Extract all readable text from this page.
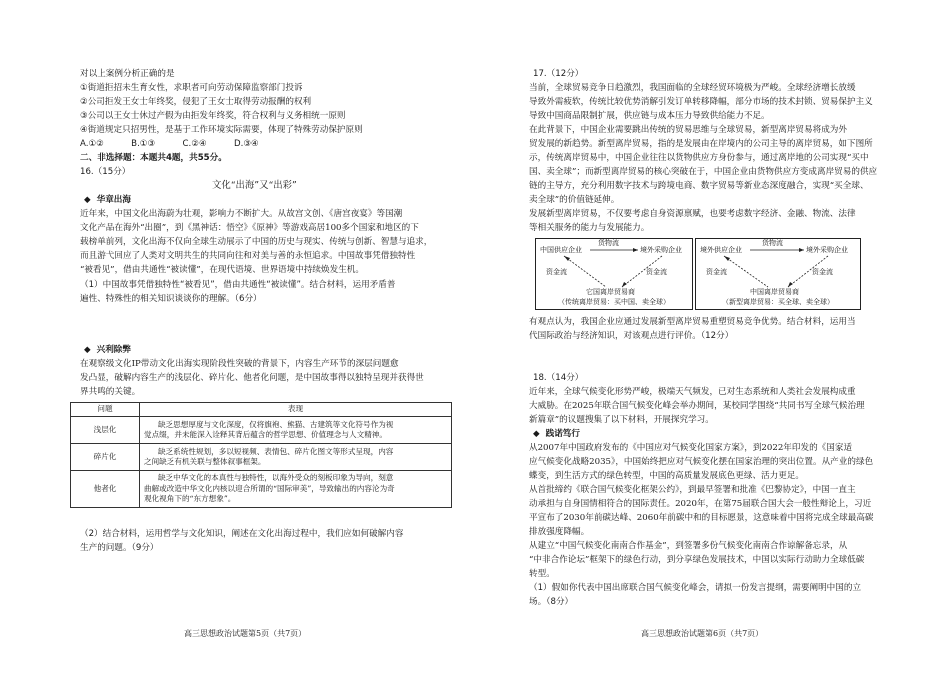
对以上案例分析正确的是
①街道拒招未生育女性，求职者可向劳动保障监察部门投诉
②公司拒发王女士年终奖，侵犯了王女士取得劳动报酬的权利
③公司以王女士休过产假为由拒发年终奖，符合权利与义务相统一原则
④街道规定只招男性，是基于工作环境实际需要，体现了特殊劳动保护原则
A.①②          B.①③          C.②④          D.③④
二、非选择题：本题共4题，共55分。
16.（15分）
文化“出海”又“出彩”
◆ 华章出海
近年来，中国文化出海蔚为壮观，影响力不断扩大。从故宫文创、《唐宫夜宴》等国潮
文化产品在海外“出圈”，到《黑神话：悟空》《原神》等游戏高居100多个国家和地区的下
载榜单前列，文化出海不仅向全球生动展示了中国的历史与现实、传统与创新、智慧与追求，
而且游弋回应了人类对文明共生的共同向往和对美与善的永恒追求。中国故事凭借独特性
“被看见”，借由共通性“被读懂”，在现代语境、世界语境中持续焕发生机。
（1）中国故事凭借独特性“被看见”，借由共通性“被读懂”。结合材料，运用矛盾普
遍性、特殊性的相关知识谈谈你的理解。（6分）
◆ 兴利除弊
在观察级文化IP带动文化出海实现阶段性突破的背景下，内容生产环节的深层问题愈
发凸显，破解内容生产的浅层化、碎片化、他者化问题，是中国故事得以独特呈现并获得世
界共鸣的关键。
问题	表现
浅层化	缺乏思想厚度与文化深度，仅将旗袍、熊猫、古建筑等文化符号作为视
觉点缀，并未能深入诠释其背后蕴含的哲学思想、价值理念与人文精神。

碎片化	缺乏系统性规划，多以短视频、表情包、碎片化图文等形式呈现，内容
之间缺乏有机关联与整体叙事框架。

他者化	缺乏中华文化的本真性与独特性，以海外受众的刻板印象为导向，刻意
曲解或改造中华文化内核以迎合所谓的“国际审美”，导致输出的内容沦为奇
观化视角下的“东方想象”。
（2）结合材料，运用哲学与文化知识，阐述在文化出海过程中，我们应如何破解内容
生产的问题。（9分）
高三思想政治试题第5页（共7页）
17.（12分）
当前，全球贸易竞争日趋激烈，我国面临的全球经贸环境极为严峻。全球经济增长放缓
导致外需疲软，传统比较优势消解引发订单转移降幅，部分市场的技术封锁、贸易保护主义
导致中国商品限制扩展，供应链与成本压力导致供给能力不足。
在此背景下，中国企业需要跳出传统的贸易思维与全球贸易，新型离岸贸易将成为外
贸发展的新趋势。新型离岸贸易，指的是发展由在岸境内的公司主导的离岸贸易，如下图所
示，传统离岸贸易中，中国企业往往以货物供应方身份参与，通过离岸地的公司实现“买中
国、卖全球”；而新型离岸贸易的核心突破在于，中国企业由货物供应方变成离岸贸易的供应
链的主导方，充分利用数字技术与跨境电商、数字贸易等新业态深度融合，实现“买全球、
卖全球”的价值链延伸。
发展新型离岸贸易，不仅要考虑自身资源禀赋，也要考虑数字经济、金融、物流、法律
等相关服务的能力与发展能力。
中国供应企业
货物流
境外采购企业
资金流	资金流
它国离岸贸易商
（传统离岸贸易：买中国、卖全球）
境外供应企业
货物流
境外采购企业
资金流	资金流
中国离岸贸易商
（新型离岸贸易：买全球、卖全球）
有观点认为，我国企业应通过发展新型离岸贸易重塑贸易竞争优势。结合材料，运用当
代国际政治与经济知识，对该观点进行评价。（12分）
18.（14分）
近年来，全球气候变化形势严峻，极端天气频发，已对生态系统和人类社会发展构成重
大威胁。在2025年联合国气候变化峰会举办期间，某校同学围绕“共同书写全球气候治理
新篇章”的议题搜集了以下材料，开展探究学习。
◆ 践诺笃行
从2007年中国政府发布的《中国应对气候变化国家方案》，到2022年印发的《国家适
应气候变化战略2035》，中国始终把应对气候变化摆在国家治理的突出位置。从产业的绿色
蝶变，到生活方式的绿色转型，中国的高质量发展底色更绿、活力更足。
从首批缔约《联合国气候变化框架公约》，到最早签署和批准《巴黎协定》，中国一直主
动承担与自身国情相符合的国际责任。2020年，在第75届联合国大会一般性辩论上，习近
平宣布了2030年前碳达峰、2060年前碳中和的目标愿景，这意味着中国将完成全球最高碳
排放强度降幅。
从建立“中国气候变化南南合作基金”，到签署多份气候变化南南合作谅解备忘录，从
“中非合作论坛”框架下的绿色行动，到分享绿色发展技术，中国以实际行动助力全球低碳
转型。
（1）假如你代表中国出席联合国气候变化峰会，请拟一份发言提纲，需要阐明中国的立
场。（8分）
高三思想政治试题第6页（共7页）
